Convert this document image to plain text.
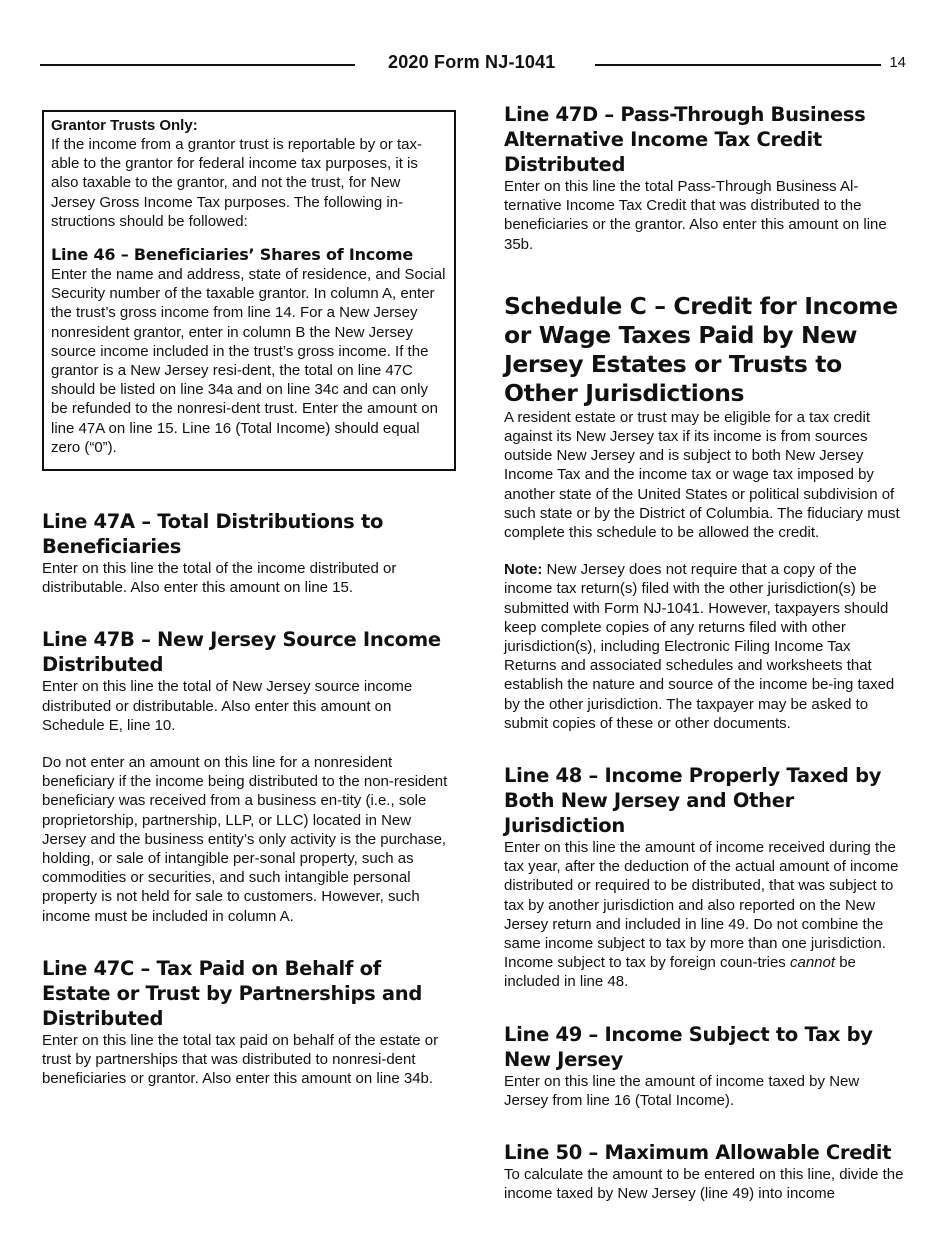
2020 Form NJ-1041	14
Grantor Trusts Only:

If the income from a grantor trust is reportable by or tax-able to the grantor for federal income tax purposes, it is also taxable to the grantor, and not the trust, for New Jersey Gross Income Tax purposes. The following in-structions should be followed:

Line 46 – Beneficiaries’ Shares of Income

Enter the name and address, state of residence, and Social Security number of the taxable grantor. In column A, enter the trust’s gross income from line 14. For a New Jersey nonresident grantor, enter in column B the New Jersey source income included in the trust’s gross income. If the grantor is a New Jersey resi-dent, the total on line 47C should be listed on line 34a and on line 34c and can only be refunded to the nonresi-dent trust. Enter the amount on line 47A on line 15. Line 16 (Total Income) should equal zero (“0”).

Line 47A – Total Distributions to Beneficiaries

Enter on this line the total of the income distributed or distributable. Also enter this amount on line 15.

Line 47B – New Jersey Source Income Distributed

Enter on this line the total of New Jersey source income distributed or distributable. Also enter this amount on Schedule E, line 10.

Do not enter an amount on this line for a nonresident beneficiary if the income being distributed to the non-resident beneficiary was received from a business en-tity (i.e., sole proprietorship, partnership, LLP, or LLC) located in New Jersey and the business entity’s only activity is the purchase, holding, or sale of intangible per-sonal property, such as commodities or securities, and such intangible personal property is not held for sale to customers. However, such income must be included in column A.

Line 47C – Tax Paid on Behalf of Estate or Trust by Partnerships and Distributed

Enter on this line the total tax paid on behalf of the estate or trust by partnerships that was distributed to nonresi-dent beneficiaries or grantor. Also enter this amount on line 34b.

Line 47D – Pass-Through Business Alternative Income Tax Credit Distributed

Enter on this line the total Pass-Through Business Al-ternative Income Tax Credit that was distributed to the beneficiaries or the grantor. Also enter this amount on line 35b.

Schedule C – Credit for Income or Wage Taxes Paid by New Jersey Estates or Trusts to Other Jurisdictions

A resident estate or trust may be eligible for a tax credit against its New Jersey tax if its income is from sources outside New Jersey and is subject to both New Jersey Income Tax and the income tax or wage tax imposed by another state of the United States or political subdivision of such state or by the District of Columbia. The fiduciary must complete this schedule to be allowed the credit.

Note: New Jersey does not require that a copy of the income tax return(s) filed with the other jurisdiction(s) be submitted with Form NJ-1041. However, taxpayers should keep complete copies of any returns filed with other jurisdiction(s), including Electronic Filing Income Tax Returns and associated schedules and worksheets that establish the nature and source of the income be-ing taxed by the other jurisdiction. The taxpayer may be asked to submit copies of these or other documents.

Line 48 – Income Properly Taxed by Both New Jersey and Other Jurisdiction

Enter on this line the amount of income received during the tax year, after the deduction of the actual amount of income distributed or required to be distributed, that was subject to tax by another jurisdiction and also reported on the New Jersey return and included in line 49. Do not combine the same income subject to tax by more than one jurisdiction. Income subject to tax by foreign coun-tries cannot be included in line 48.

Line 49 – Income Subject to Tax by New Jersey

Enter on this line the amount of income taxed by New Jersey from line 16 (Total Income).

Line 50 – Maximum Allowable Credit

To calculate the amount to be entered on this line, divide the income taxed by New Jersey (line 49) into income
